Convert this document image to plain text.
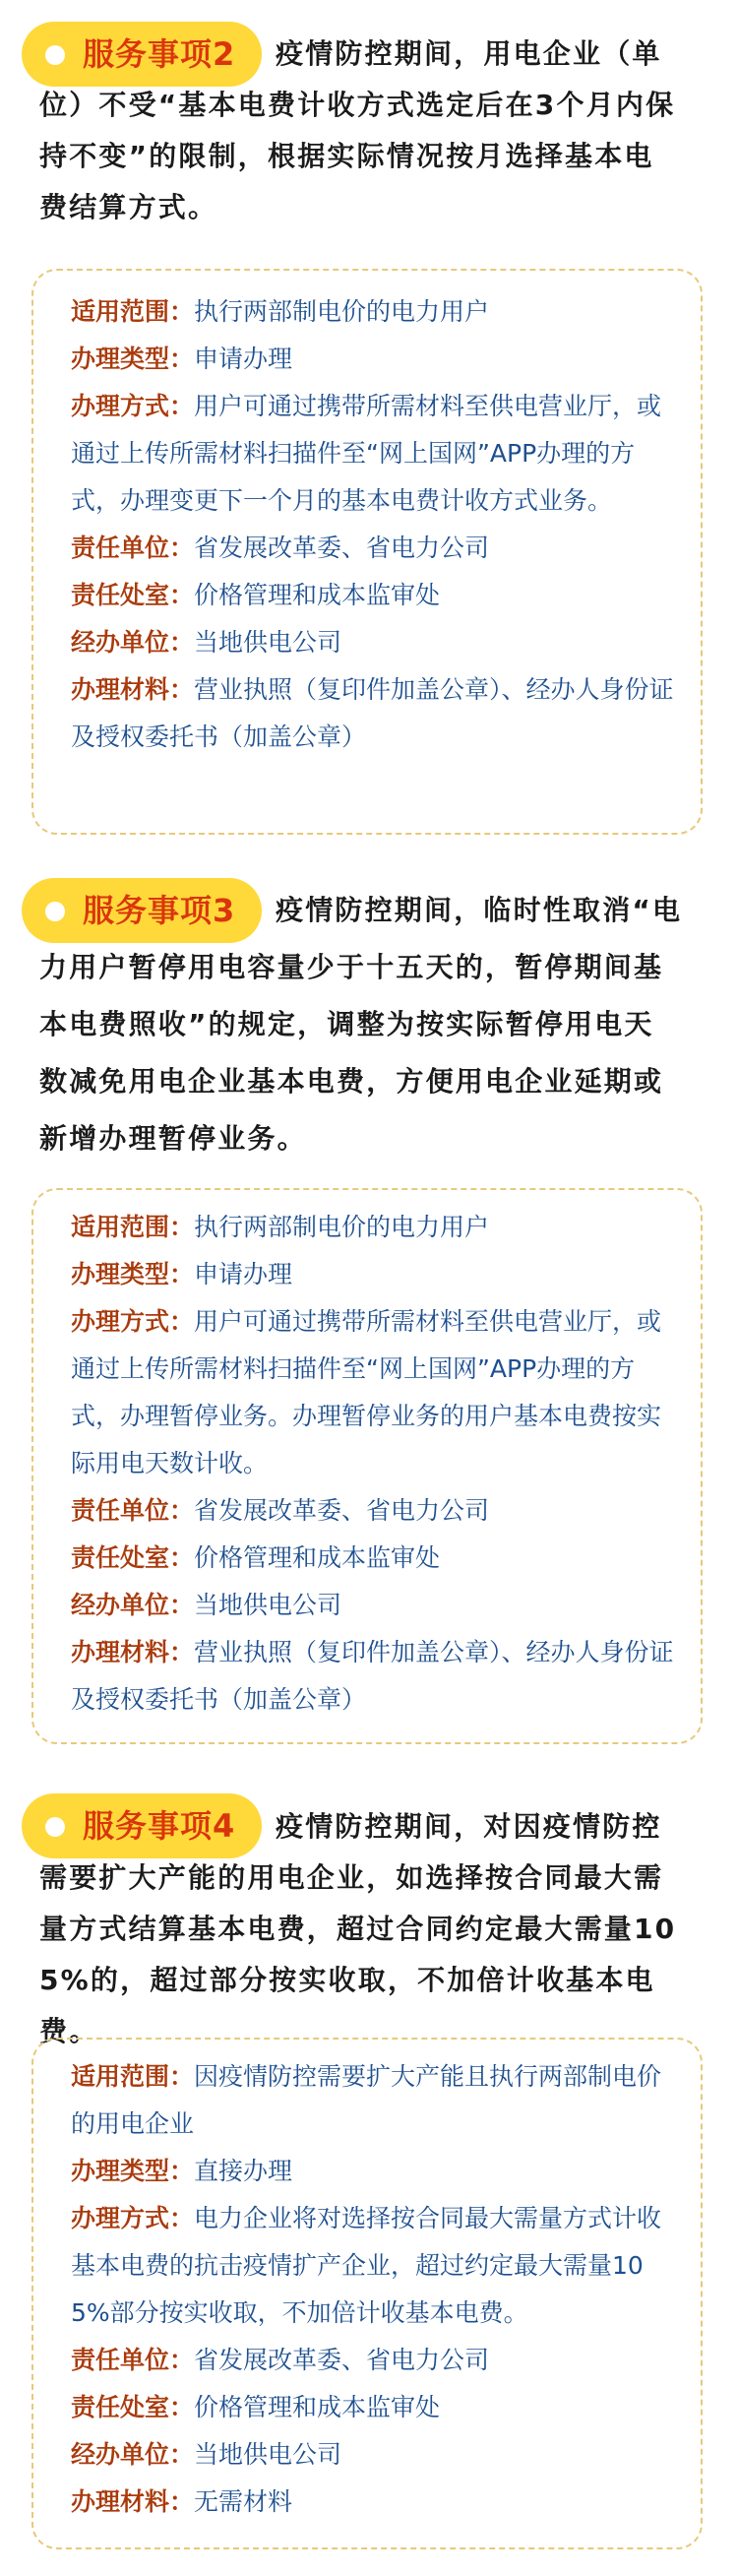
服务事项2	疫情防控期间，用电企业（单位）不受“基本电费计收方式选定后在3个月内保持不变”的限制，根据实际情况按月选择基本电费结算方式。

适用范围：执行两部制电价的电力用户

办理类型：申请办理

办理方式：用户可通过携带所需材料至供电营业厅，或通过上传所需材料扫描件至“网上国网”APP办理的方式，办理变更下一个月的基本电费计收方式业务。

责任单位：省发展改革委、省电力公司

责任处室：价格管理和成本监审处

经办单位：当地供电公司

办理材料：营业执照（复印件加盖公章）、经办人身份证及授权委托书（加盖公章）

服务事项3	疫情防控期间，临时性取消“电力用户暂停用电容量少于十五天的，暂停期间基本电费照收”的规定，调整为按实际暂停用电天数减免用电企业基本电费，方便用电企业延期或新增办理暂停业务。

适用范围：执行两部制电价的电力用户

办理类型：申请办理

办理方式：用户可通过携带所需材料至供电营业厅，或通过上传所需材料扫描件至“网上国网”APP办理的方式，办理暂停业务。办理暂停业务的用户基本电费按实际用电天数计收。

责任单位：省发展改革委、省电力公司

责任处室：价格管理和成本监审处

经办单位：当地供电公司

办理材料：营业执照（复印件加盖公章）、经办人身份证及授权委托书（加盖公章）

服务事项4	疫情防控期间，对因疫情防控需要扩大产能的用电企业，如选择按合同最大需量方式结算基本电费，超过合同约定最大需量105%的，超过部分按实收取，不加倍计收基本电费。

适用范围：因疫情防控需要扩大产能且执行两部制电价的用电企业

办理类型：直接办理

办理方式：电力企业将对选择按合同最大需量方式计收基本电费的抗击疫情扩产企业，超过约定最大需量105%部分按实收取，不加倍计收基本电费。

责任单位：省发展改革委、省电力公司

责任处室：价格管理和成本监审处

经办单位：当地供电公司

办理材料：无需材料
